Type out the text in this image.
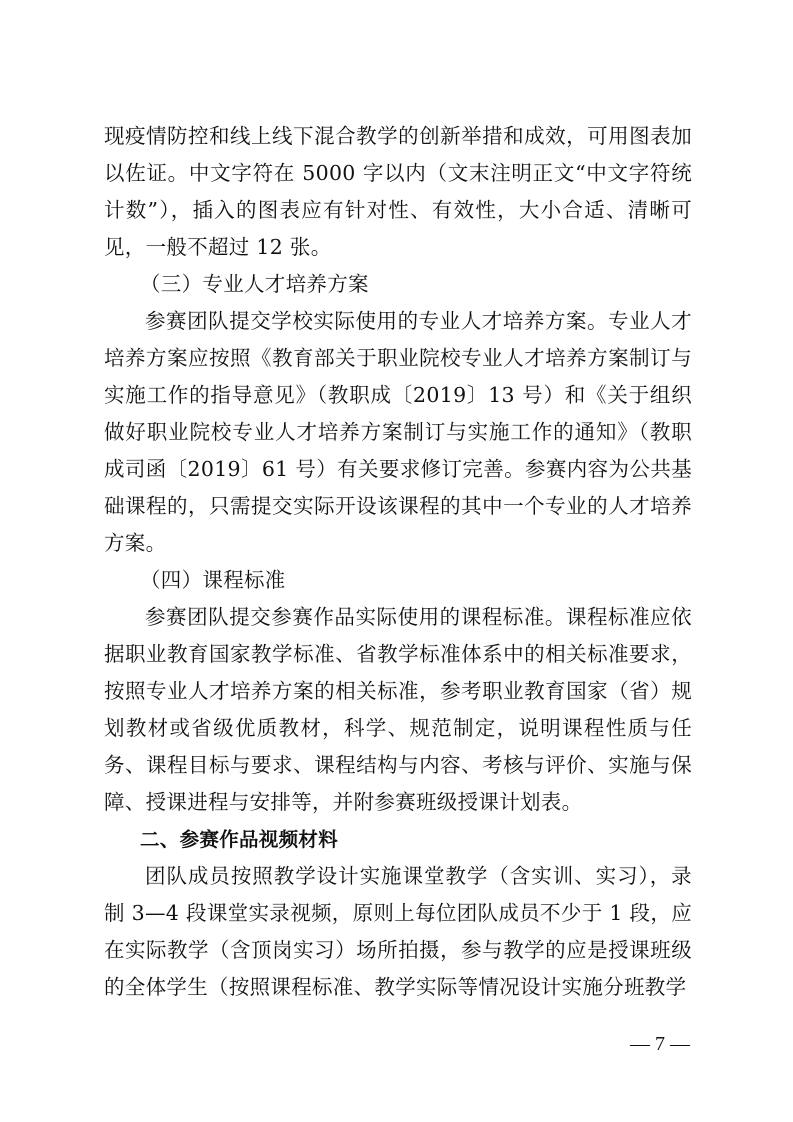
现疫情防控和线上线下混合教学的创新举措和成效，可用图表加以佐证。中文字符在 5000 字以内（文末注明正文“中文字符统计数”），插入的图表应有针对性、有效性，大小合适、清晰可见，一般不超过 12 张。

（三）专业人才培养方案

参赛团队提交学校实际使用的专业人才培养方案。专业人才培养方案应按照《教育部关于职业院校专业人才培养方案制订与实施工作的指导意见》（教职成〔2019〕13 号）和《关于组织做好职业院校专业人才培养方案制订与实施工作的通知》（教职成司函〔2019〕61 号）有关要求修订完善。参赛内容为公共基础课程的，只需提交实际开设该课程的其中一个专业的人才培养方案。

（四）课程标准

参赛团队提交参赛作品实际使用的课程标准。课程标准应依据职业教育国家教学标准、省教学标准体系中的相关标准要求，按照专业人才培养方案的相关标准，参考职业教育国家（省）规划教材或省级优质教材，科学、规范制定，说明课程性质与任务、课程目标与要求、课程结构与内容、考核与评价、实施与保障、授课进程与安排等，并附参赛班级授课计划表。

二、参赛作品视频材料

团队成员按照教学设计实施课堂教学（含实训、实习），录制 3—4 段课堂实录视频，原则上每位团队成员不少于 1 段，应在实际教学（含顶岗实习）场所拍摄，参与教学的应是授课班级的全体学生（按照课程标准、教学实际等情况设计实施分班教学

— 7 —
